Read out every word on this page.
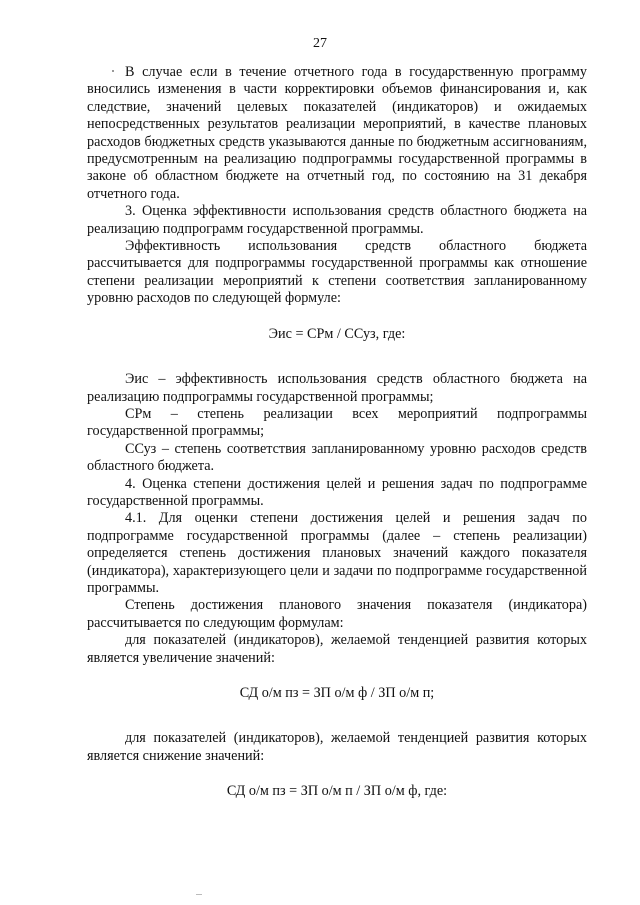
27

В случае если в течение отчетного года в государственную программу вносились изменения в части корректировки объемов финансирования и, как следствие, значений целевых показателей (индикаторов) и ожидаемых непосредственных результатов реализации мероприятий, в качестве плановых расходов бюджетных средств указываются данные по бюджетным ассигнованиям, предусмотренным на реализацию подпрограммы государственной программы в законе об областном бюджете на отчетный год, по состоянию на 31 декабря отчетного года.

3. Оценка эффективности использования средств областного бюджета на реализацию подпрограмм государственной программы.

Эффективность использования средств областного бюджета рассчитывается для подпрограммы государственной программы как отношение степени реализации мероприятий к степени соответствия запланированному уровню расходов по следующей формуле:

Эис = СРм / ССуз, где:

Эис – эффективность использования средств областного бюджета на реализацию подпрограммы государственной программы;

СРм – степень реализации всех мероприятий подпрограммы государственной программы;

ССуз – степень соответствия запланированному уровню расходов средств областного бюджета.

4. Оценка степени достижения целей и решения задач по подпрограмме государственной программы.

4.1. Для оценки степени достижения целей и решения задач по подпрограмме государственной программы (далее – степень реализации) определяется степень достижения плановых значений каждого показателя (индикатора), характеризующего цели и задачи по подпрограмме государственной программы.

Степень достижения планового значения показателя (индикатора) рассчитывается по следующим формулам:

для показателей (индикаторов), желаемой тенденцией развития которых является увеличение значений:

СД о/м пз = ЗП о/м ф / ЗП о/м п;

для показателей (индикаторов), желаемой тенденцией развития которых является снижение значений:

СД о/м пз = ЗП о/м п / ЗП о/м ф, где:
